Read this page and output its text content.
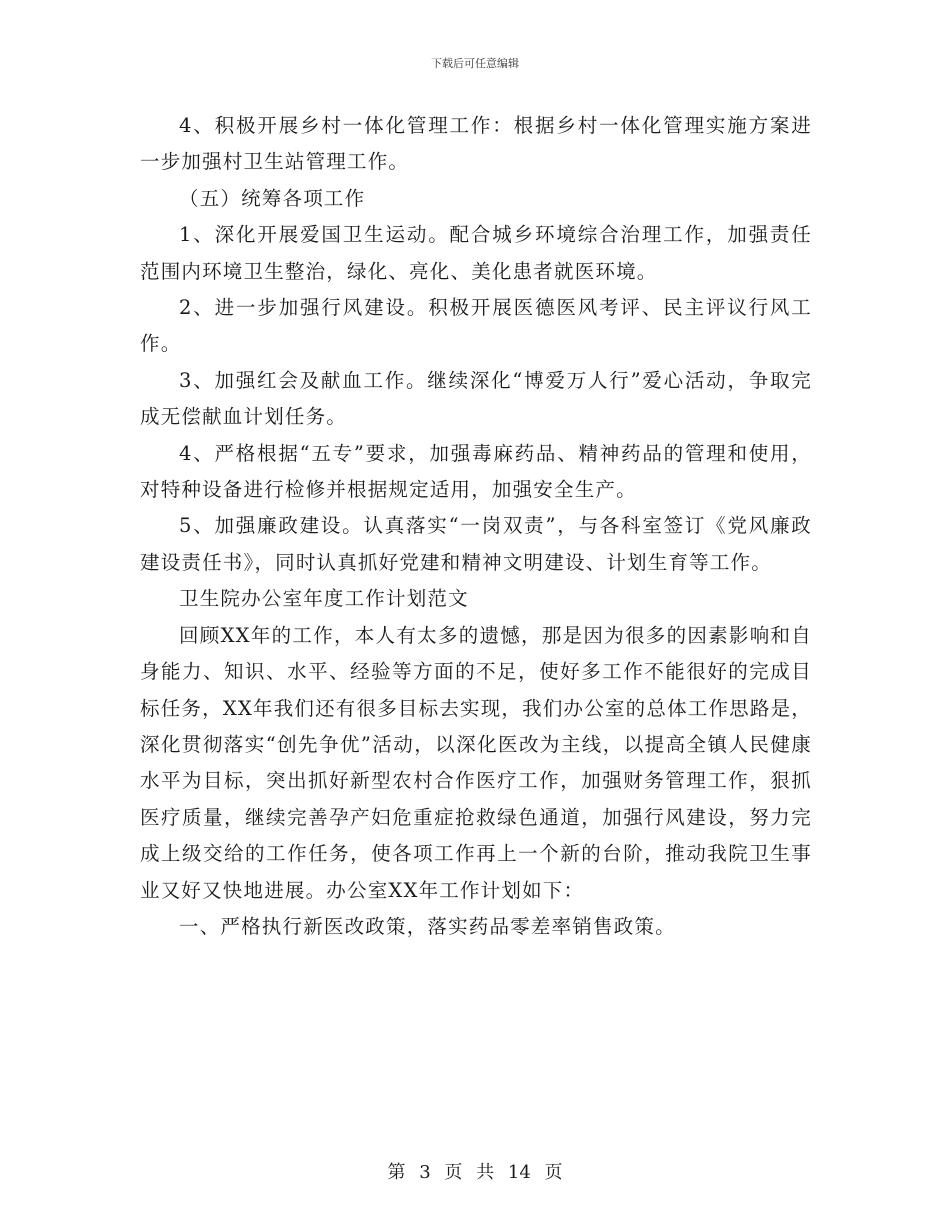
下载后可任意编辑

4、积极开展乡村一体化管理工作：根据乡村一体化管理实施方案进一步加强村卫生站管理工作。

（五）统筹各项工作

1、深化开展爱国卫生运动。配合城乡环境综合治理工作，加强责任范围内环境卫生整治，绿化、亮化、美化患者就医环境。

2、进一步加强行风建设。积极开展医德医风考评、民主评议行风工作。

3、加强红会及献血工作。继续深化“博爱万人行”爱心活动，争取完成无偿献血计划任务。

4、严格根据“五专”要求，加强毒麻药品、精神药品的管理和使用，对特种设备进行检修并根据规定适用，加强安全生产。

5、加强廉政建设。认真落实“一岗双责”，与各科室签订《党风廉政建设责任书》，同时认真抓好党建和精神文明建设、计划生育等工作。

卫生院办公室年度工作计划范文

回顾XX年的工作，本人有太多的遗憾，那是因为很多的因素影响和自身能力、知识、水平、经验等方面的不足，使好多工作不能很好的完成目标任务，XX年我们还有很多目标去实现，我们办公室的总体工作思路是，深化贯彻落实“创先争优”活动，以深化医改为主线，以提高全镇人民健康水平为目标，突出抓好新型农村合作医疗工作，加强财务管理工作，狠抓医疗质量，继续完善孕产妇危重症抢救绿色通道，加强行风建设，努力完成上级交给的工作任务，使各项工作再上一个新的台阶，推动我院卫生事业又好又快地进展。办公室XX年工作计划如下：

一、严格执行新医改政策，落实药品零差率销售政策。

第 3 页 共 14 页
